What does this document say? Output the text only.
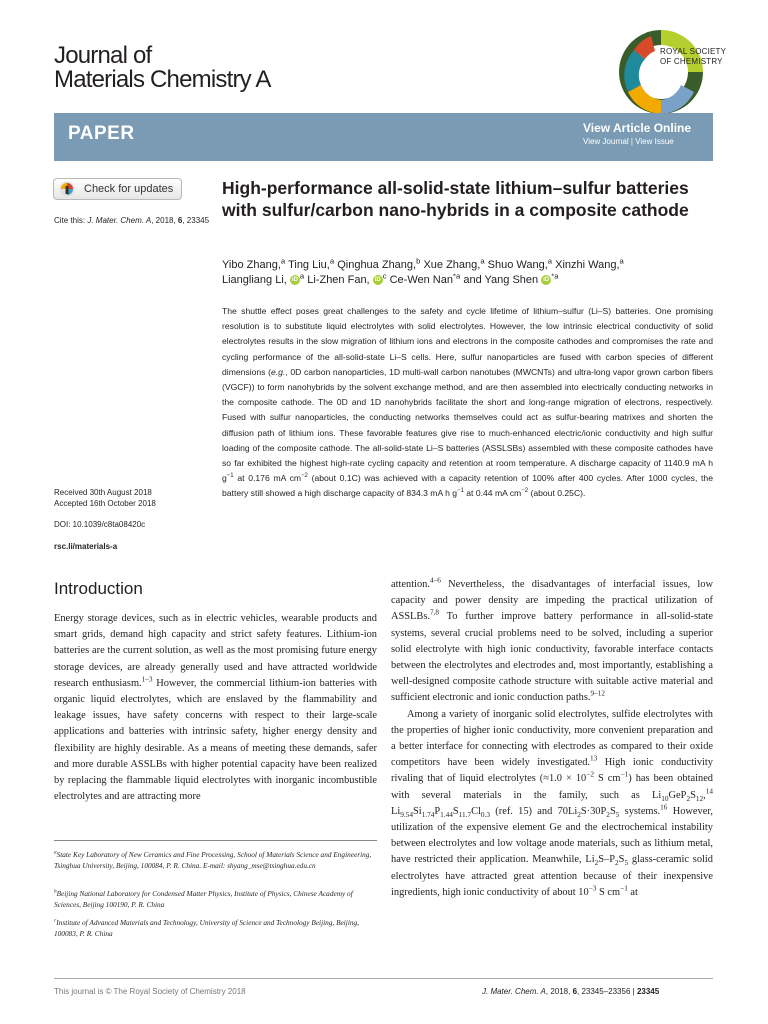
Journal of
Materials Chemistry A
ROYAL SOCIETY
OF CHEMISTRY
PAPER	View Article Online
View Journal | View Issue
Check for updates
Cite this: J. Mater. Chem. A, 2018, 6, 23345
High-performance all-solid-state lithium–sulfur batteries with sulfur/carbon nano-hybrids in a composite cathode
Yibo Zhang,$^a$ Ting Liu,$^a$ Qinghua Zhang,$^b$ Xue Zhang,$^a$ Shuo Wang,$^a$ Xinzhi Wang,$^a$
Liangliang Li, iD $^a$ Li-Zhen Fan, iD $^c$ Ce-Wen Nan$^{*a}$ and Yang Shen iD $^{*a}$
The shuttle effect poses great challenges to the safety and cycle lifetime of lithium–sulfur (Li–S) batteries. One promising resolution is to substitute liquid electrolytes with solid electrolytes. However, the low intrinsic electrical conductivity of solid electrolytes results in the slow migration of lithium ions and electrons in the composite cathodes and compromises the rate and cycling performance of the all-solid-state Li–S cells. Here, sulfur nanoparticles are fused with carbon species of different dimensions (e.g., 0D carbon nanoparticles, 1D multi-wall carbon nanotubes (MWCNTs) and ultra-long vapor grown carbon fibers (VGCF)) to form nanohybrids by the solvent exchange method, and are then assembled into electrically conducting networks in the composite cathode. The 0D and 1D nanohybrids facilitate the short and long-range migration of electrons, respectively. Fused with sulfur nanoparticles, the conducting networks themselves could act as sulfur-bearing matrixes and shorten the diffusion path of lithium ions. These favorable features give rise to much-enhanced electric/ionic conductivity and high sulfur loading of the composite cathode. The all-solid-state Li–S batteries (ASSLSBs) assembled with these composite cathodes have so far exhibited the highest high-rate cycling capacity and retention at room temperature. A discharge capacity of 1140.9 mA h $g^{-1}$ at 0.176 mA $cm^{-2}$ (about 0.1C) was achieved with a capacity retention of 100% after 400 cycles. After 1000 cycles, the battery still showed a high discharge capacity of 834.3 mA h $g^{-1}$ at 0.44 mA $cm^{-2}$ (about 0.25C).
Received 30th August 2018
Accepted 16th October 2018
DOI: 10.1039/c8ta08420c
rsc.li/materials-a
Introduction
Energy storage devices, such as in electric vehicles, wearable products and smart grids, demand high capacity and strict safety features. Lithium-ion batteries are the current solution, as well as the most promising future energy storage devices, are already generally used and have attracted worldwide research enthusiasm.$^{1-3}$ However, the commercial lithium-ion batteries with organic liquid electrolytes, which are enslaved by the flammability and leakage issues, have safety concerns with respect to their large-scale applications and batteries with intrinsic safety, higher energy density and flexibility are highly desirable. As a means of meeting these demands, safer and more durable ASSLBs with higher potential capacity have been realized by replacing the flammable liquid electrolytes with inorganic incombustible electrolytes and are attracting more
attention.$^{4-6}$ Nevertheless, the disadvantages of interfacial issues, low capacity and power density are impeding the practical utilization of ASSLBs.$^{7,8}$ To further improve battery performance in all-solid-state systems, several crucial problems need to be solved, including a superior solid electrolyte with high ionic conductivity, favorable interface contacts between the electrolytes and electrodes and, most importantly, establishing a well-designed composite cathode structure with suitable active material and sufficient electronic and ionic conduction paths.$^{9-12}$
Among a variety of inorganic solid electrolytes, sulfide electrolytes with the properties of higher ionic conductivity, more convenient preparation and a better interface for connecting with electrodes as compared to their oxide competitors have been widely investigated.$^{13}$ High ionic conductivity rivaling that of liquid electrolytes ($\approx 1.0 \times 10^{-2}$ S $cm^{-1}$) has been obtained with several materials in the family, such as $Li_{10}GeP_2S_{12},^{14}$ $Li_{9.54}Si_{1.74}P_{1.44}S_{11.7}Cl_{0.3}$ (ref. 15) and $70Li_2S\cdot 30P_2S_5$ systems.$^{16}$ However, utilization of the expensive element Ge and the electrochemical instability between electrolytes and low voltage anode materials, such as lithium metal, have restricted their application. Meanwhile, $Li_2S-P_2S_5$ glass-ceramic solid electrolytes have attracted great attention because of their inexpensive ingredients, high ionic conductivity of about $10^{-3}$ S $cm^{-1}$ at
$^a$State Key Laboratory of New Ceramics and Fine Processing, School of Materials Science and Engineering, Tsinghua University, Beijing, 100084, P. R. China. E-mail: shyang_mse@tsinghua.edu.cn
$^b$Beijing National Laboratory for Condensed Matter Physics, Institute of Physics, Chinese Academy of Sciences, Beijing 100190, P. R. China
$^c$Institute of Advanced Materials and Technology, University of Science and Technology Beijing, Beijing, 100083, P. R. China
This journal is © The Royal Society of Chemistry 2018	J. Mater. Chem. A, 2018, 6, 23345–23356 | 23345
